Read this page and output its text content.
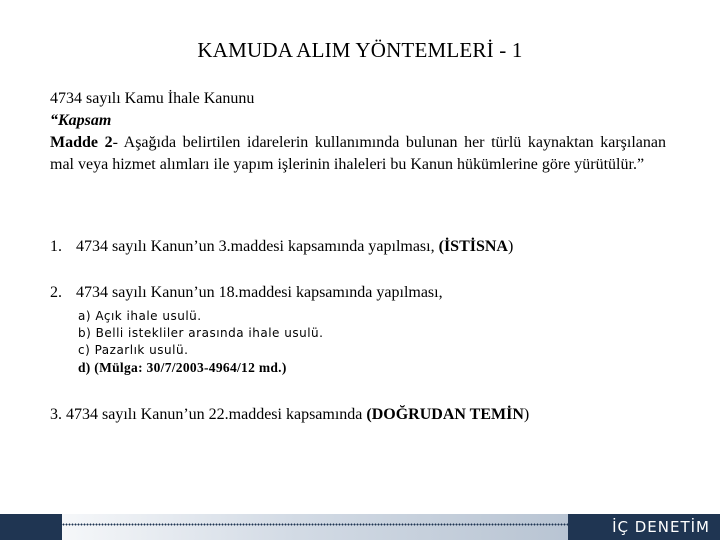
KAMUDA ALIM YÖNTEMLERİ - 1

4734 sayılı Kamu İhale Kanunu

“Kapsam

Madde 2- Aşağıda belirtilen idarelerin kullanımında bulunan her türlü kaynaktan karşılanan mal veya hizmet alımları ile yapım işlerinin ihaleleri bu Kanun hükümlerine göre yürütülür.”

1. 4734 sayılı Kanun’un 3.maddesi kapsamında yapılması, (İSTİSNA)
2. 4734 sayılı Kanun’un 18.maddesi kapsamında yapılması,
a) Açık ihale usulü.
b) Belli istekliler arasında ihale usulü.
c) Pazarlık usulü.
d) (Mülga: 30/7/2003-4964/12 md.)
3. 4734 sayılı Kanun’un 22.maddesi kapsamında (DOĞRUDAN TEMİN)
İÇ DENETİM
